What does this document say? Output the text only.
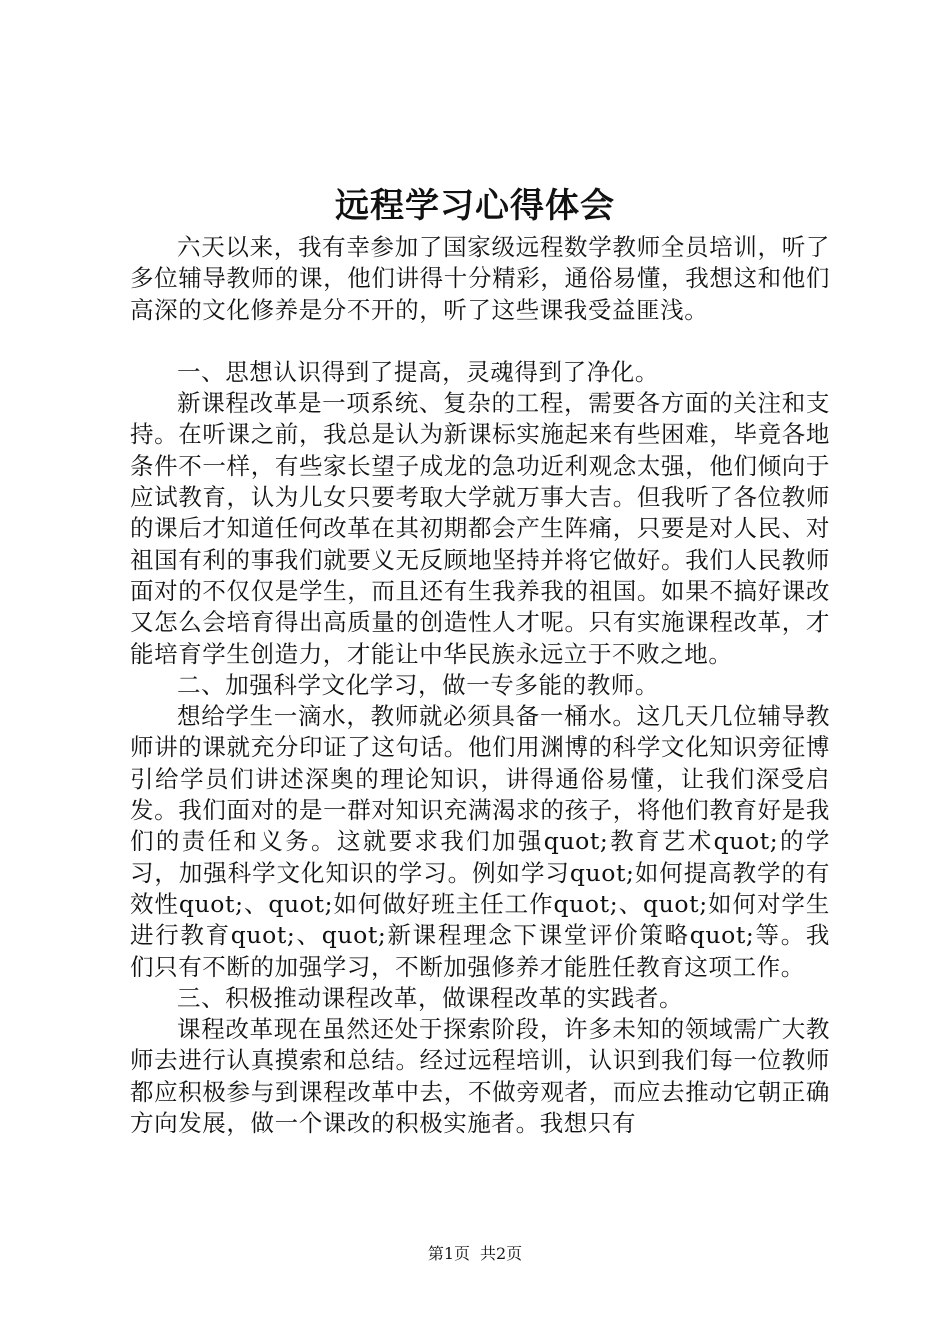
远程学习心得体会

六天以来，我有幸参加了国家级远程数学教师全员培训，听了多位辅导教师的课，他们讲得十分精彩，通俗易懂，我想这和他们高深的文化修养是分不开的，听了这些课我受益匪浅。

一、思想认识得到了提高，灵魂得到了净化。

新课程改革是一项系统、复杂的工程，需要各方面的关注和支持。在听课之前，我总是认为新课标实施起来有些困难，毕竟各地条件不一样，有些家长望子成龙的急功近利观念太强，他们倾向于应试教育，认为儿女只要考取大学就万事大吉。但我听了各位教师的课后才知道任何改革在其初期都会产生阵痛，只要是对人民、对祖国有利的事我们就要义无反顾地坚持并将它做好。我们人民教师面对的不仅仅是学生，而且还有生我养我的祖国。如果不搞好课改又怎么会培育得出高质量的创造性人才呢。只有实施课程改革，才能培育学生创造力，才能让中华民族永远立于不败之地。

二、加强科学文化学习，做一专多能的教师。

想给学生一滴水，教师就必须具备一桶水。这几天几位辅导教师讲的课就充分印证了这句话。他们用渊博的科学文化知识旁征博引给学员们讲述深奥的理论知识，讲得通俗易懂，让我们深受启发。我们面对的是一群对知识充满渴求的孩子，将他们教育好是我们的责任和义务。这就要求我们加强quot;教育艺术quot;的学习，加强科学文化知识的学习。例如学习quot;如何提高教学的有效性quot;、quot;如何做好班主任工作quot;、quot;如何对学生进行教育quot;、quot;新课程理念下课堂评价策略quot;等。我们只有不断的加强学习，不断加强修养才能胜任教育这项工作。

三、积极推动课程改革，做课程改革的实践者。

课程改革现在虽然还处于探索阶段，许多未知的领域需广大教师去进行认真摸索和总结。经过远程培训，认识到我们每一位教师都应积极参与到课程改革中去，不做旁观者，而应去推动它朝正确方向发展，做一个课改的积极实施者。我想只有

第1页 共2页
